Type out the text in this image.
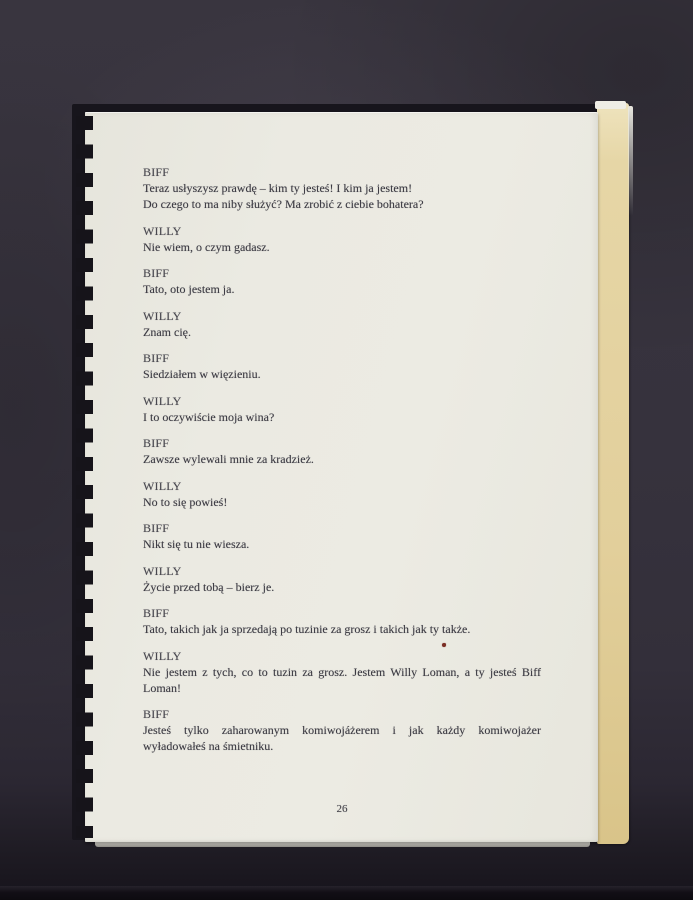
BIFF
Teraz usłyszysz prawdę – kim ty jesteś! I kim ja jestem!
Do czego to ma niby służyć? Ma zrobić z ciebie bohatera?
WILLY
Nie wiem, o czym gadasz.
BIFF
Tato, oto jestem ja.
WILLY
Znam cię.
BIFF
Siedziałem w więzieniu.
WILLY
I to oczywiście moja wina?
BIFF
Zawsze wylewali mnie za kradzież.
WILLY
No to się powieś!
BIFF
Nikt się tu nie wiesza.
WILLY
Życie przed tobą – bierz je.
BIFF
Tato, takich jak ja sprzedają po tuzinie za grosz i takich jak ty także.
WILLY
Nie jestem z tych, co to tuzin za grosz. Jestem Willy Loman, a ty jesteś Biff
Loman!
BIFF
Jesteś tylko zaharowanym komiwojáżerem i jak każdy komiwojażer
wyładowałeś na śmietniku.
26
